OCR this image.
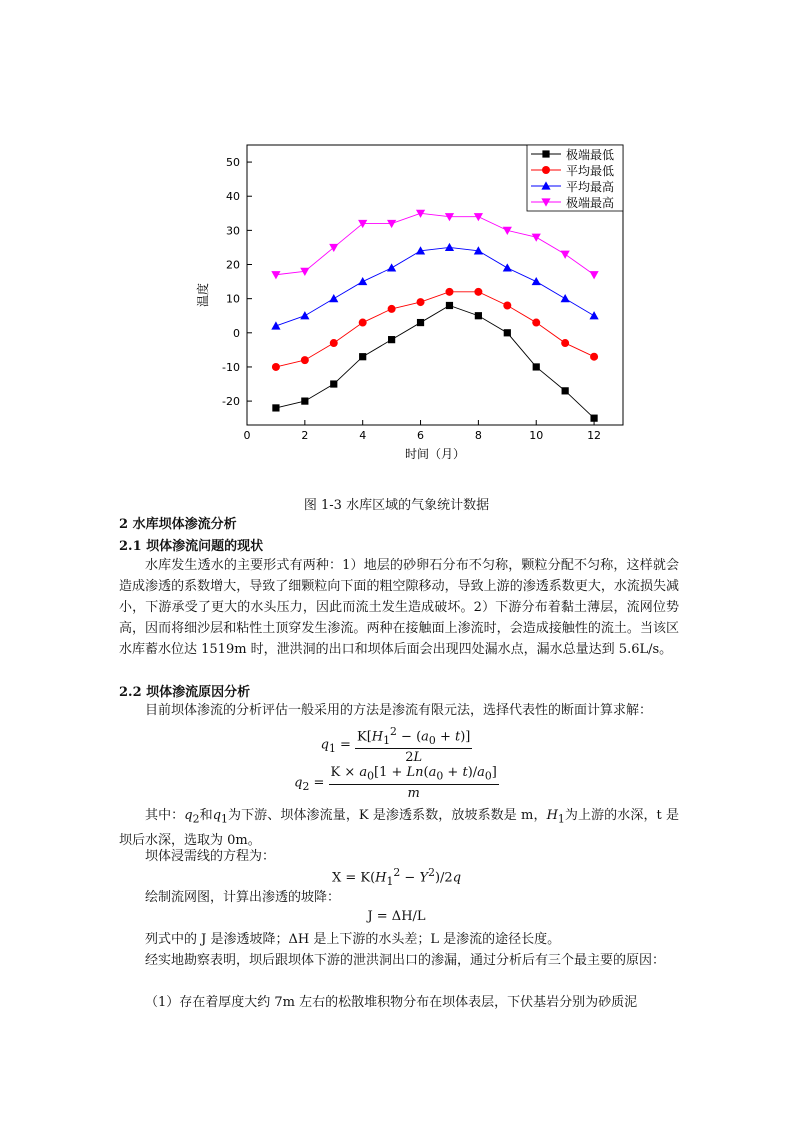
-20
-10
0
10
20
30
40
50
0	2	4	6	8	10	12
时间（月）
温度
极端最低
平均最低
平均最高
极端最高
图 1-3 水库区域的气象统计数据
2 水库坝体渗流分析
2.1 坝体渗流问题的现状
水库发生透水的主要形式有两种：1）地层的砂卵石分布不匀称，颗粒分配不匀称，这样就会造成渗透的系数增大，导致了细颗粒向下面的粗空隙移动，导致上游的渗透系数更大，水流损失减小，下游承受了更大的水头压力，因此而流土发生造成破坏。2）下游分布着黏土薄层，流网位势高，因而将细沙层和粘性土顶穿发生渗流。两种在接触面上渗流时，会造成接触性的流土。当该区水库蓄水位达 1519m 时，泄洪洞的出口和坝体后面会出现四处漏水点，漏水总量达到 5.6L/s。
2.2 坝体渗流原因分析
目前坝体渗流的分析评估一般采用的方法是渗流有限元法，选择代表性的断面计算求解：
$q_1 = \frac{K[H_1^2 - (a_0 + t)]}{2L}$
$q_2 = \frac{K \times a_0[1 + Ln(a_0 + t)/a_0]}{m}$
其中：$q_2$和$q_1$为下游、坝体渗流量，K 是渗透系数，放坡系数是 m，$H_1$为上游的水深，t 是坝后水深，选取为 0m。
坝体浸需线的方程为：
$X = K(H_1^2 - Y^2)/2q$
绘制流网图，计算出渗透的坡降：
J = ΔH/L
列式中的 J 是渗透坡降；ΔH 是上下游的水头差；L 是渗流的途径长度。
经实地勘察表明，坝后跟坝体下游的泄洪洞出口的渗漏，通过分析后有三个最主要的原因：
（1）存在着厚度大约 7m 左右的松散堆积物分布在坝体表层，下伏基岩分别为砂质泥
